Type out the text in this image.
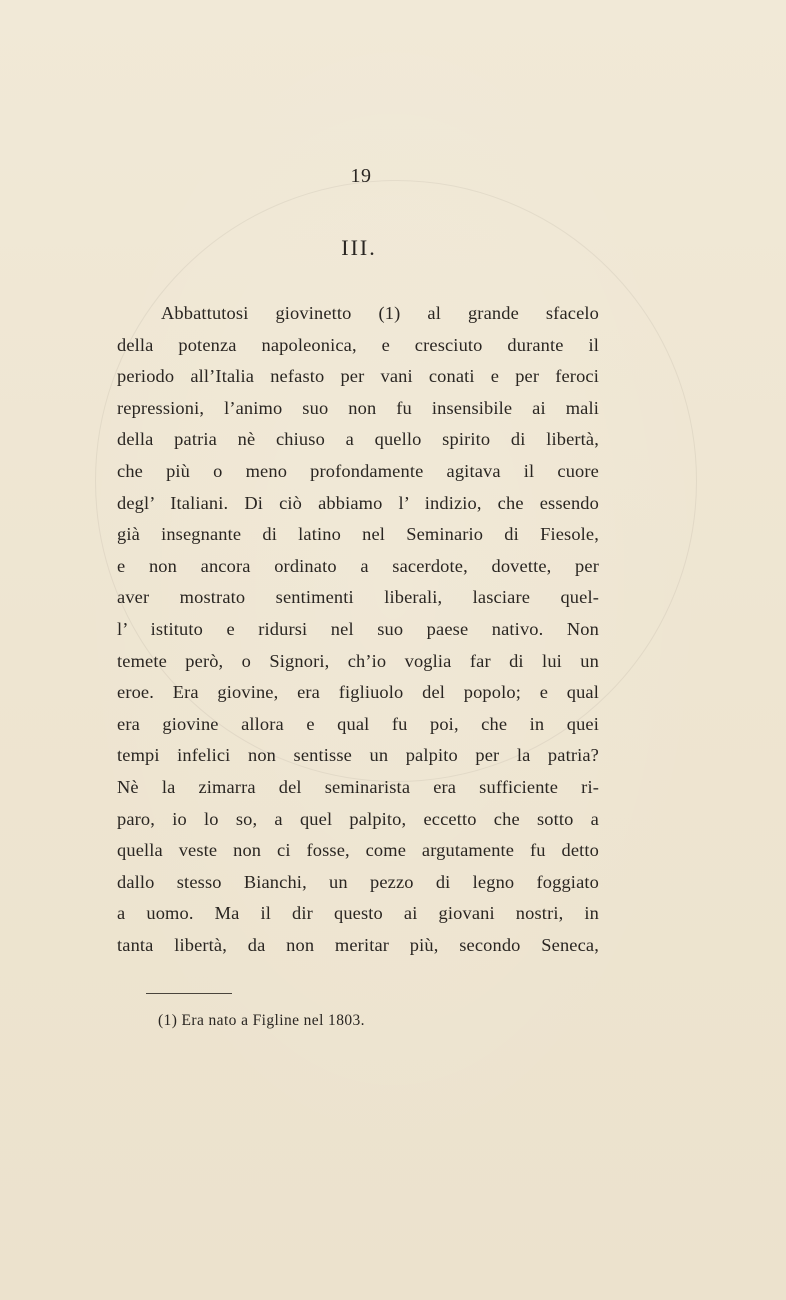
19
III.
Abbattutosi giovinetto (1) al grande sfacelo
della potenza napoleonica, e cresciuto durante il
periodo all’Italia nefasto per vani conati e per feroci
repressioni, l’animo suo non fu insensibile ai mali
della patria nè chiuso a quello spirito di libertà,
che più o meno profondamente agitava il cuore
degl’ Italiani. Di ciò abbiamo l’ indizio, che essendo
già insegnante di latino nel Seminario di Fiesole,
e non ancora ordinato a sacerdote, dovette, per
aver mostrato sentimenti liberali, lasciare quel-
l’ istituto e ridursi nel suo paese nativo. Non
temete però, o Signori, ch’io voglia far di lui un
eroe. Era giovine, era figliuolo del popolo; e qual
era giovine allora e qual fu poi, che in quei
tempi infelici non sentisse un palpito per la patria?
Nè la zimarra del seminarista era sufficiente ri-
paro, io lo so, a quel palpito, eccetto che sotto a
quella veste non ci fosse, come argutamente fu detto
dallo stesso Bianchi, un pezzo di legno foggiato
a uomo. Ma il dir questo ai giovani nostri, in
tanta libertà, da non meritar più, secondo Seneca,
(1) Era nato a Figline nel 1803.
